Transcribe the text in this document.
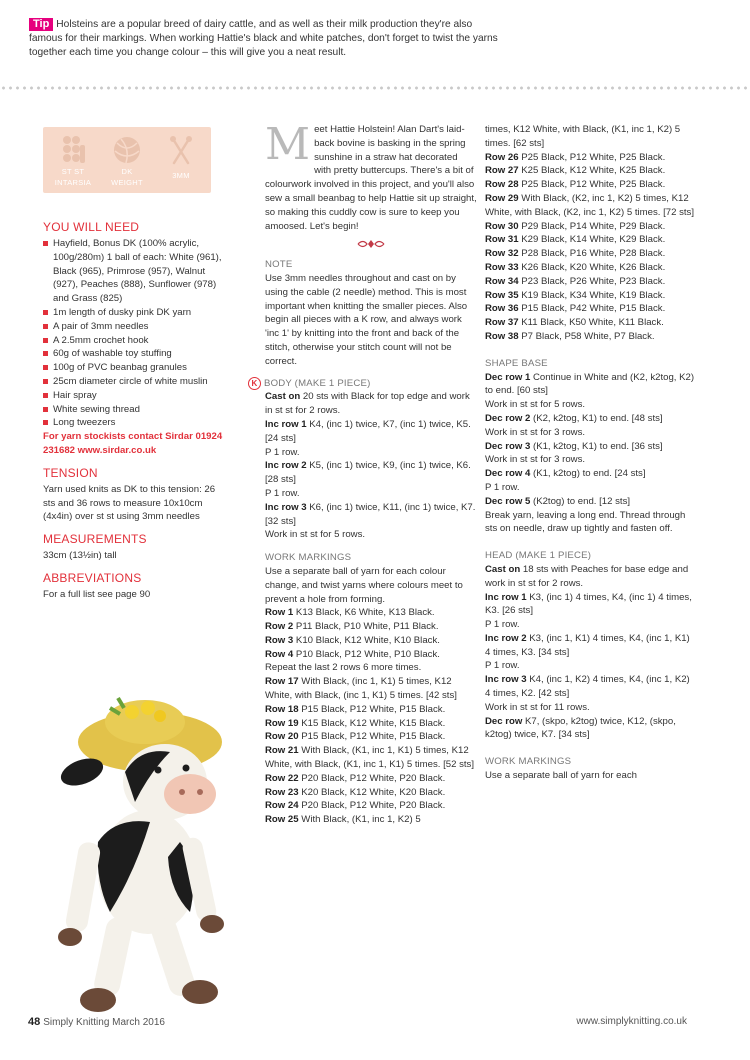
Tip Holsteins are a popular breed of dairy cattle, and as well as their milk production they're also famous for their markings. When working Hattie's black and white patches, don't forget to twist the yarns together each time you change colour – this will give you a neat result.
ST ST
INTARSIA
DK
WEIGHT
3MM
YOU WILL NEED
Hayfield, Bonus DK (100% acrylic, 100g/280m) 1 ball of each: White (961), Black (965), Primrose (957), Walnut (927), Peaches (888), Sunflower (978) and Grass (825)
1m length of dusky pink DK yarn
A pair of 3mm needles
A 2.5mm crochet hook
60g of washable toy stuffing
100g of PVC beanbag granules
25cm diameter circle of white muslin
Hair spray
White sewing thread
Long tweezers
For yarn stockists contact Sirdar 01924 231682 www.sirdar.co.uk
TENSION
Yarn used knits as DK to this tension: 26 sts and 36 rows to measure 10x10cm (4x4in) over st st using 3mm needles
MEASUREMENTS
33cm (13½in) tall
ABBREVIATIONS
For a full list see page 90
Meet Hattie Holstein! Alan Dart's laid-back bovine is basking in the spring sunshine in a straw hat decorated with pretty buttercups. There's a bit of colourwork involved in this project, and you'll also sew a small beanbag to help Hattie sit up straight, so making this cuddly cow is sure to keep you amoosed. Let's begin!
NOTE
Use 3mm needles throughout and cast on by using the cable (2 needle) method. This is most important when knitting the smaller pieces. Also begin all pieces with a K row, and always work 'inc 1' by knitting into the front and back of the stitch, otherwise your stitch count will not be correct.
K BODY (MAKE 1 PIECE)
Cast on 20 sts with Black for top edge and work in st st for 2 rows.
Inc row 1 K4, (inc 1) twice, K7, (inc 1) twice, K5. [24 sts]
P 1 row.
Inc row 2 K5, (inc 1) twice, K9, (inc 1) twice, K6. [28 sts]
P 1 row.
Inc row 3 K6, (inc 1) twice, K11, (inc 1) twice, K7. [32 sts]
Work in st st for 5 rows.
WORK MARKINGS
Use a separate ball of yarn for each colour change, and twist yarns where colours meet to prevent a hole from forming.
Row 1 K13 Black, K6 White, K13 Black.
Row 2 P11 Black, P10 White, P11 Black.
Row 3 K10 Black, K12 White, K10 Black.
Row 4 P10 Black, P12 White, P10 Black.
Repeat the last 2 rows 6 more times.
Row 17 With Black, (inc 1, K1) 5 times, K12 White, with Black, (inc 1, K1) 5 times. [42 sts]
Row 18 P15 Black, P12 White, P15 Black.
Row 19 K15 Black, K12 White, K15 Black.
Row 20 P15 Black, P12 White, P15 Black.
Row 21 With Black, (K1, inc 1, K1) 5 times, K12 White, with Black, (K1, inc 1, K1) 5 times. [52 sts]
Row 22 P20 Black, P12 White, P20 Black.
Row 23 K20 Black, K12 White, K20 Black.
Row 24 P20 Black, P12 White, P20 Black.
Row 25 With Black, (K1, inc 1, K2) 5
times, K12 White, with Black, (K1, inc 1, K2) 5 times. [62 sts]
Row 26 P25 Black, P12 White, P25 Black.
Row 27 K25 Black, K12 White, K25 Black.
Row 28 P25 Black, P12 White, P25 Black.
Row 29 With Black, (K2, inc 1, K2) 5 times, K12 White, with Black, (K2, inc 1, K2) 5 times. [72 sts]
Row 30 P29 Black, P14 White, P29 Black.
Row 31 K29 Black, K14 White, K29 Black.
Row 32 P28 Black, P16 White, P28 Black.
Row 33 K26 Black, K20 White, K26 Black.
Row 34 P23 Black, P26 White, P23 Black.
Row 35 K19 Black, K34 White, K19 Black.
Row 36 P15 Black, P42 White, P15 Black.
Row 37 K11 Black, K50 White, K11 Black.
Row 38 P7 Black, P58 White, P7 Black.
SHAPE BASE
Dec row 1 Continue in White and (K2, k2tog, K2) to end. [60 sts]
Work in st st for 5 rows.
Dec row 2 (K2, k2tog, K1) to end. [48 sts]
Work in st st for 3 rows.
Dec row 3 (K1, k2tog, K1) to end. [36 sts]
Work in st st for 3 rows.
Dec row 4 (K1, k2tog) to end. [24 sts]
P 1 row.
Dec row 5 (K2tog) to end. [12 sts]
Break yarn, leaving a long end. Thread through sts on needle, draw up tightly and fasten off.
HEAD (MAKE 1 PIECE)
Cast on 18 sts with Peaches for base edge and work in st st for 2 rows.
Inc row 1 K3, (inc 1) 4 times, K4, (inc 1) 4 times, K3. [26 sts]
P 1 row.
Inc row 2 K3, (inc 1, K1) 4 times, K4, (inc 1, K1) 4 times, K3. [34 sts]
P 1 row.
Inc row 3 K4, (inc 1, K2) 4 times, K4, (inc 1, K2) 4 times, K2. [42 sts]
Work in st st for 11 rows.
Dec row K7, (skpo, k2tog) twice, K12, (skpo, k2tog) twice, K7. [34 sts]
WORK MARKINGS
Use a separate ball of yarn for each
48 Simply Knitting March 2016	www.simplyknitting.co.uk
